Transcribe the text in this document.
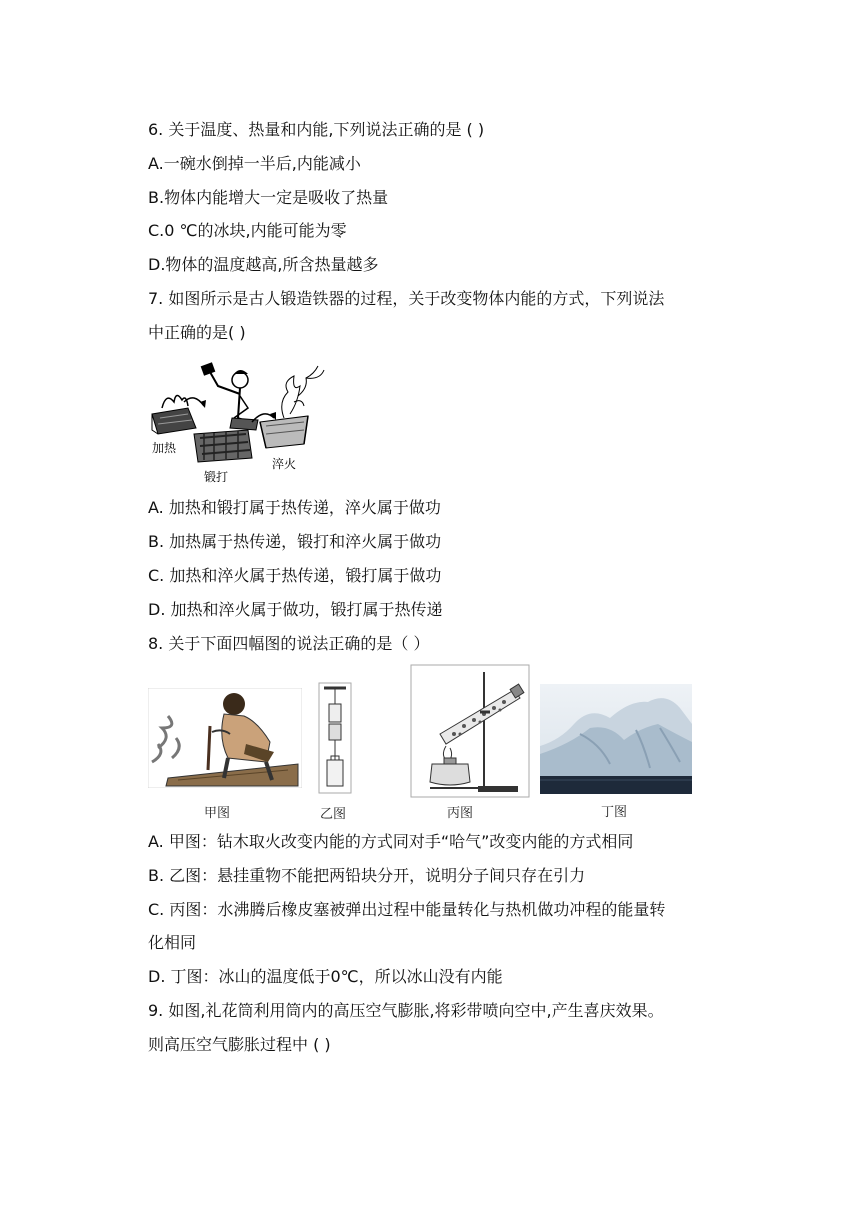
6. 关于温度、热量和内能,下列说法正确的是 ( )
A.一碗水倒掉一半后,内能减小
B.物体内能增大一定是吸收了热量
C.0 ℃的冰块,内能可能为零
D.物体的温度越高,所含热量越多
7. 如图所示是古人锻造铁器的过程，关于改变物体内能的方式，下列说法
中正确的是( )
加热
锻打
淬火
A. 加热和锻打属于热传递，淬火属于做功
B. 加热属于热传递，锻打和淬火属于做功
C. 加热和淬火属于热传递，锻打属于做功
D. 加热和淬火属于做功，锻打属于热传递
8. 关于下面四幅图的说法正确的是（ ）
甲图	乙图	丙图	丁图
A. 甲图：钻木取火改变内能的方式同对手“哈气”改变内能的方式相同
B. 乙图：悬挂重物不能把两铅块分开，说明分子间只存在引力
C. 丙图：水沸腾后橡皮塞被弹出过程中能量转化与热机做功冲程的能量转
化相同
D. 丁图：冰山的温度低于0℃，所以冰山没有内能
9. 如图,礼花筒利用筒内的高压空气膨胀,将彩带喷向空中,产生喜庆效果。
则高压空气膨胀过程中 ( )
